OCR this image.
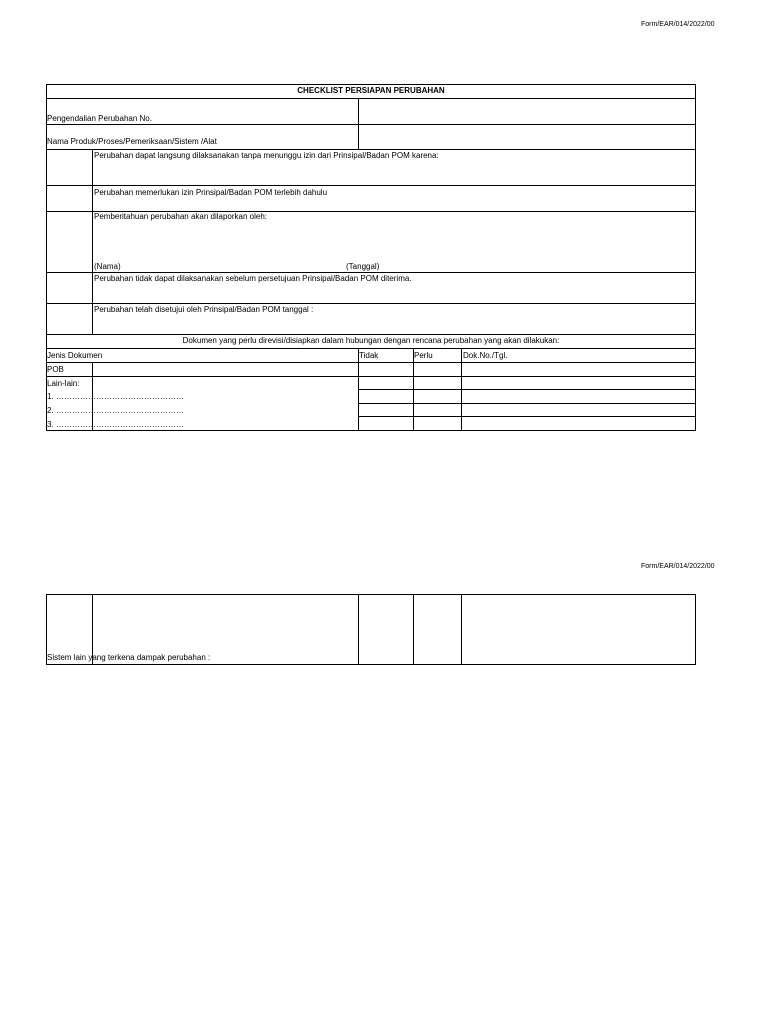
Form/EAR/014/2022/00
CHECKLIST PERSIAPAN PERUBAHAN
Pengendalian Perubahan No.
Nama Produk/Proses/Pemeriksaan/Sistem /Alat
Perubahan dapat langsung dilaksanakan tanpa menunggu izin dari Prinsipal/Badan POM karena:
Perubahan memerlukan izin Prinsipal/Badan POM terlebih dahulu
Pemberitahuan perubahan akan dilaporkan oleh:
(Nama)	(Tanggal)
Perubahan tidak dapat dilaksanakan sebelum persetujuan Prinsipal/Badan POM diterima.
Perubahan telah disetujui oleh Prinsipal/Badan POM tanggal :
Dokumen yang perlu direvisi/disiapkan dalam hubungan dengan rencana perubahan yang akan dilakukan:
Jenis Dokumen	Tidak	Perlu	Dok.No./Tgl.
POB
Lain-lain:
1. …………………………………………
2. …………………………………………
3. …………………………………………
Form/EAR/014/2022/00
Sistem lain yang terkena dampak perubahan :
